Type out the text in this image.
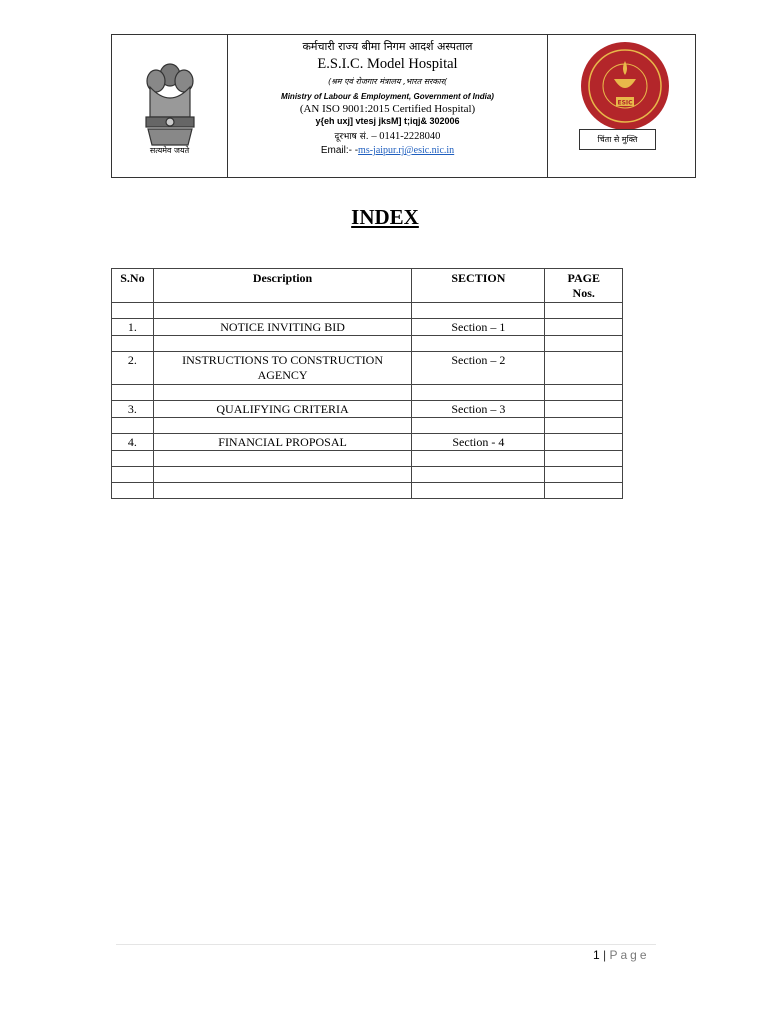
सत्यमेव जयते
कर्मचारी राज्य बीमा निगम आदर्श अस्पताल
E.S.I.C. Model Hospital
(श्रम एवं रोजगार मंत्रालय ,भारत सरकार(
Ministry of Labour & Employment, Government of India)
(AN ISO 9001:2015 Certified Hospital)
y{eh uxj] vtesj jksM] t;iqj& 302006
दूरभाष सं. – 0141-2228040
Email:- -ms-jaipur.rj@esic.nic.in
ESIC
चिंता से मुक्ति
INDEX
S.No	Description	SECTION	PAGE
Nos.

1.	NOTICE INVITING BID	Section – 1	

2.	INSTRUCTIONS TO CONSTRUCTION AGENCY	Section – 2	

3.	QUALIFYING CRITERIA	Section – 3	

4.	FINANCIAL PROPOSAL	Section - 4	

1 | Page
